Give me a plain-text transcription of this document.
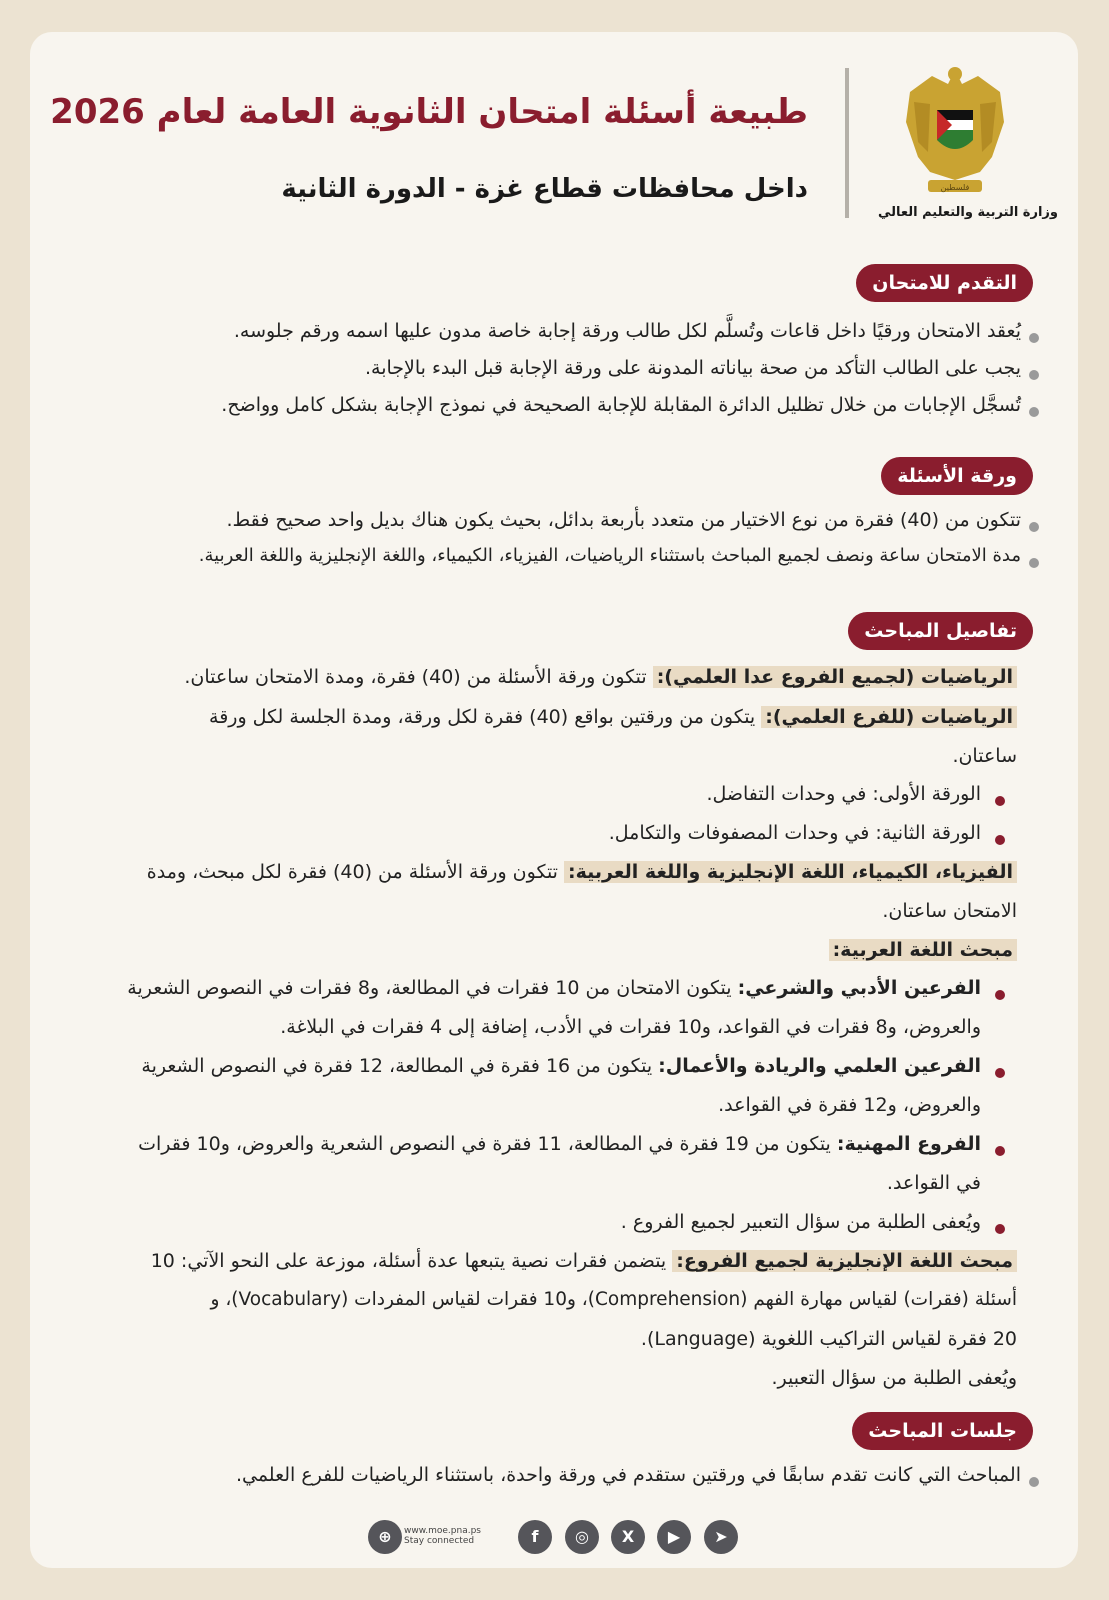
طبيعة أسئلة امتحان الثانوية العامة لعام 2026
داخل محافظات قطاع غزة - الدورة الثانية	فلسطين
وزارة التربية والتعليم العالي
التقدم للامتحان
يُعقد الامتحان ورقيًا داخل قاعات وتُسلَّم لكل طالب ورقة إجابة خاصة مدون عليها اسمه ورقم جلوسه.
يجب على الطالب التأكد من صحة بياناته المدونة على ورقة الإجابة قبل البدء بالإجابة.
تُسجَّل الإجابات من خلال تظليل الدائرة المقابلة للإجابة الصحيحة في نموذج الإجابة بشكل كامل وواضح.
ورقة الأسئلة
تتكون من (40) فقرة من نوع الاختيار من متعدد بأربعة بدائل، بحيث يكون هناك بديل واحد صحيح فقط.
مدة الامتحان ساعة ونصف لجميع المباحث باستثناء الرياضيات، الفيزياء، الكيمياء، واللغة الإنجليزية واللغة العربية.
تفاصيل المباحث
الرياضيات (لجميع الفروع عدا العلمي): تتكون ورقة الأسئلة من (40) فقرة، ومدة الامتحان ساعتان.
الرياضيات (للفرع العلمي): يتكون من ورقتين بواقع (40) فقرة لكل ورقة، ومدة الجلسة لكل ورقة
ساعتان.
الورقة الأولى: في وحدات التفاضل.
الورقة الثانية: في وحدات المصفوفات والتكامل.
الفيزياء، الكيمياء، اللغة الإنجليزية واللغة العربية: تتكون ورقة الأسئلة من (40) فقرة لكل مبحث، ومدة
الامتحان ساعتان.
مبحث اللغة العربية:
الفرعين الأدبي والشرعي: يتكون الامتحان من 10 فقرات في المطالعة، و8 فقرات في النصوص الشعرية
والعروض، و8 فقرات في القواعد، و10 فقرات في الأدب، إضافة إلى 4 فقرات في البلاغة.
الفرعين العلمي والريادة والأعمال: يتكون من 16 فقرة في المطالعة، 12 فقرة في النصوص الشعرية
والعروض، و12 فقرة في القواعد.
الفروع المهنية: يتكون من 19 فقرة في المطالعة، 11 فقرة في النصوص الشعرية والعروض، و10 فقرات
في القواعد.
ويُعفى الطلبة من سؤال التعبير لجميع الفروع .
مبحث اللغة الإنجليزية لجميع الفروع: يتضمن فقرات نصية يتبعها عدة أسئلة، موزعة على النحو الآتي: 10
أسئلة (فقرات) لقياس مهارة الفهم (Comprehension)، و10 فقرات لقياس المفردات (Vocabulary)، و
20 فقرة لقياس التراكيب اللغوية (Language).
ويُعفى الطلبة من سؤال التعبير.
جلسات المباحث
المباحث التي كانت تقدم سابقًا في ورقتين ستقدم في ورقة واحدة، باستثناء الرياضيات للفرع العلمي.
➤
▶
X
◎
f
⊕	www.moe.pna.ps
Stay connected
